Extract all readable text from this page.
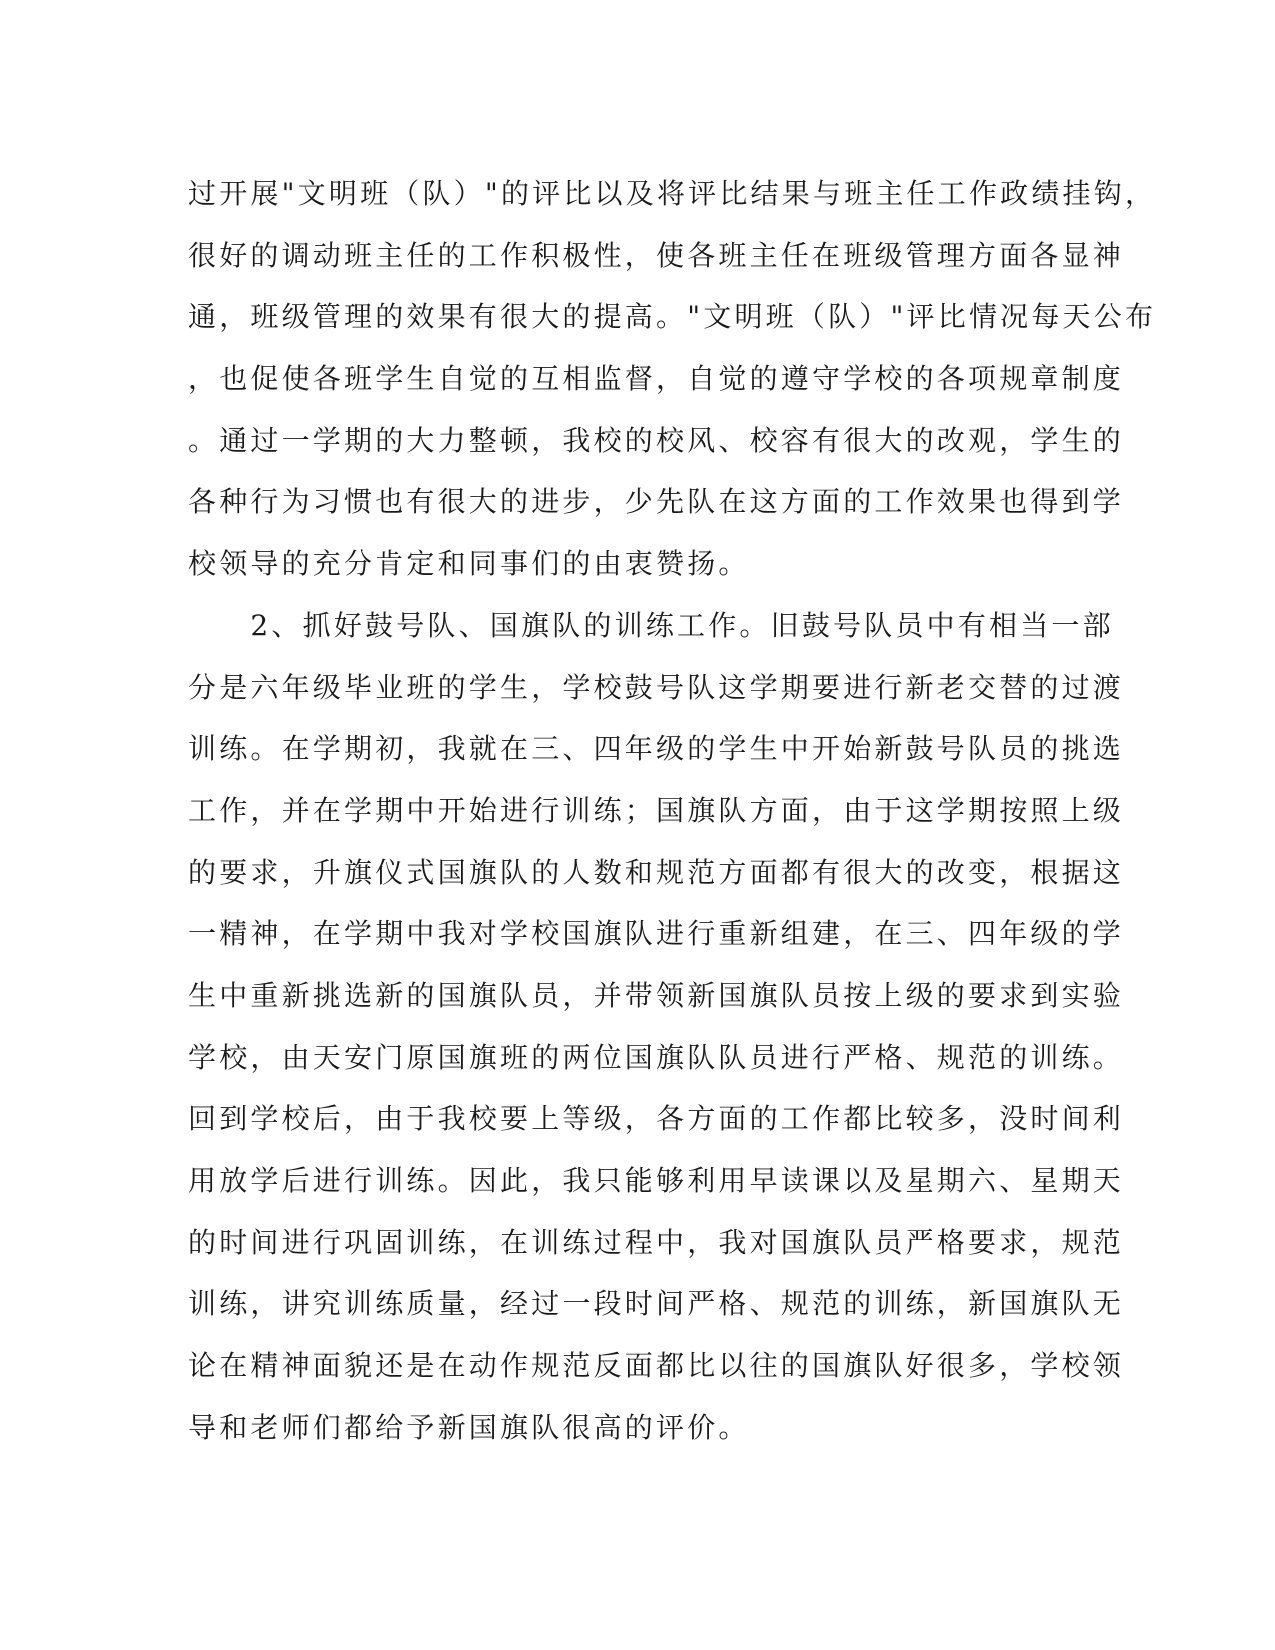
过开展"文明班（队）"的评比以及将评比结果与班主任工作政绩挂钩，
很好的调动班主任的工作积极性，使各班主任在班级管理方面各显神
通，班级管理的效果有很大的提高。"文明班（队）"评比情况每天公布
，也促使各班学生自觉的互相监督，自觉的遵守学校的各项规章制度
。通过一学期的大力整顿，我校的校风、校容有很大的改观，学生的
各种行为习惯也有很大的进步，少先队在这方面的工作效果也得到学
校领导的充分肯定和同事们的由衷赞扬。
　　2、抓好鼓号队、国旗队的训练工作。旧鼓号队员中有相当一部
分是六年级毕业班的学生，学校鼓号队这学期要进行新老交替的过渡
训练。在学期初，我就在三、四年级的学生中开始新鼓号队员的挑选
工作，并在学期中开始进行训练；国旗队方面，由于这学期按照上级
的要求，升旗仪式国旗队的人数和规范方面都有很大的改变，根据这
一精神，在学期中我对学校国旗队进行重新组建，在三、四年级的学
生中重新挑选新的国旗队员，并带领新国旗队员按上级的要求到实验
学校，由天安门原国旗班的两位国旗队队员进行严格、规范的训练。
回到学校后，由于我校要上等级，各方面的工作都比较多，没时间利
用放学后进行训练。因此，我只能够利用早读课以及星期六、星期天
的时间进行巩固训练，在训练过程中，我对国旗队员严格要求，规范
训练，讲究训练质量，经过一段时间严格、规范的训练，新国旗队无
论在精神面貌还是在动作规范反面都比以往的国旗队好很多，学校领
导和老师们都给予新国旗队很高的评价。
